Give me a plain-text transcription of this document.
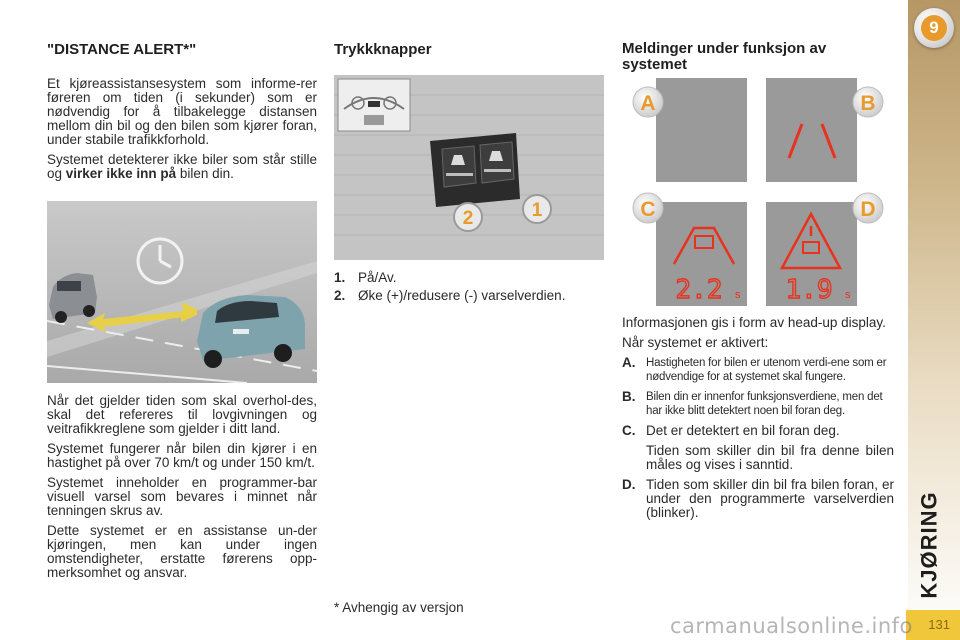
9
KJØRING
131
"DISTANCE ALERT*"

Et kjøreassistansesystem som informe-rer føreren om tiden (i sekunder) som er nødvendig for å tilbakelegge distansen mellom din bil og den bilen som kjører foran, under stabile trafikkforhold.

Systemet detekterer ikke biler som står stille og virker ikke inn på bilen din.

Når det gjelder tiden som skal overhol-des, skal det refereres til lovgivningen og veitrafikkreglene som gjelder i ditt land.

Systemet fungerer når bilen din kjører i en hastighet på over 70 km/t og under 150 km/t.

Systemet inneholder en programmer-bar visuell varsel som bevares i minnet når tenningen skrus av.

Dette systemet er en assistanse un-der kjøringen, men kan under ingen omstendigheter, erstatte førerens opp-merksomhet og ansvar.

Trykkknapper
2	1
1. På/Av.
2. Øke (+)/redusere (-) varselverdien.
* Avhengig av versjon
Meldinger under funksjon av systemet
A	B
2.2 s
C
1.9 s
D

Informasjonen gis i form av head-up display.

Når systemet er aktivert:

A. Hastigheten for bilen er utenom verdi-ene som er nødvendige for at systemet skal fungere.
B. Bilen din er innenfor funksjonsverdiene, men det har ikke blitt detektert noen bil foran deg.
C. Det er detektert en bil foran deg.

Tiden som skiller din bil fra denne bilen måles og vises i sanntid.

D. Tiden som skiller din bil fra bilen foran, er under den programmerte varselverdien (blinker).
carmanualsonline.info
